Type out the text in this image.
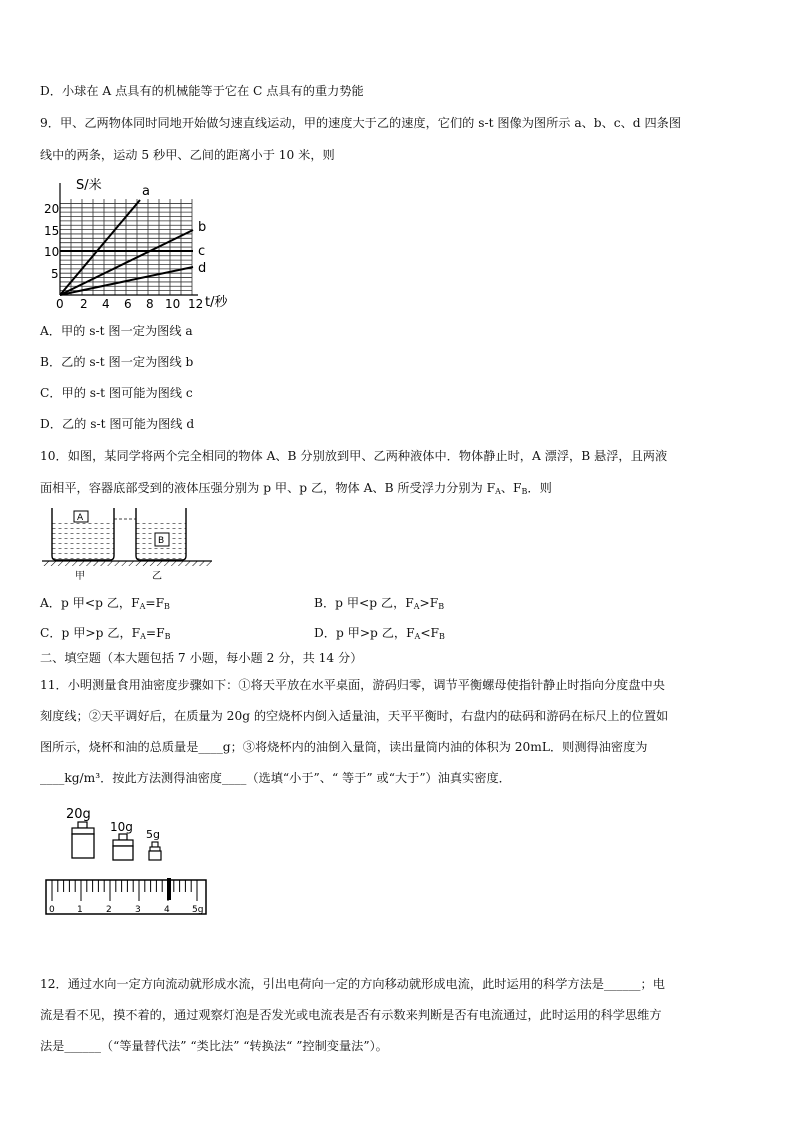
D．小球在 A 点具有的机械能等于它在 C 点具有的重力势能
9．甲、乙两物体同时同地开始做匀速直线运动，甲的速度大于乙的速度，它们的 s-t 图像为图所示 a、b、c、d 四条图
线中的两条，运动 5 秒甲、乙间的距离小于 10 米，则
S/米
t/秒
20
15
10
5
0 2 4 6 8 10 12
a
b
c
d
A．甲的 s-t 图一定为图线 a
B．乙的 s-t 图一定为图线 b
C．甲的 s-t 图可能为图线 c
D．乙的 s-t 图可能为图线 d
10．如图，某同学将两个完全相同的物体 A、B 分别放到甲、乙两种液体中．物体静止时，A 漂浮，B 悬浮，且两液
面相平，容器底部受到的液体压强分别为 p 甲、p 乙，物体 A、B 所受浮力分别为 $F_A$、$F_B$．则
A
B
甲	乙
A．p 甲<p 乙，$F_A=F_B$	B．p 甲<p 乙，$F_A>F_B$
C．p 甲>p 乙，$F_A=F_B$	D．p 甲>p 乙，$F_A<F_B$
二、填空题（本大题包括 7 小题，每小题 2 分，共 14 分）
11．小明测量食用油密度步骤如下：①将天平放在水平桌面，游码归零，调节平衡螺母使指针静止时指向分度盘中央
刻度线；②天平调好后，在质量为 20g 的空烧杯内倒入适量油，天平平衡时，右盘内的砝码和游码在标尺上的位置如
图所示，烧杯和油的总质量是____g；③将烧杯内的油倒入量筒，读出量筒内油的体积为 20mL．则测得油密度为
____kg/m³．按此方法测得油密度____（选填“小于”、“ 等于” 或“大于”）油真实密度．
20g
10g
5g
0 1	2	3	4 5g
12．通过水向一定方向流动就形成水流，引出电荷向一定的方向移动就形成电流，此时运用的科学方法是______；电
流是看不见，摸不着的，通过观察灯泡是否发光或电流表是否有示数来判断是否有电流通过，此时运用的科学思维方
法是______（“等量替代法” “类比法” “转换法“ ”控制变量法”）。
